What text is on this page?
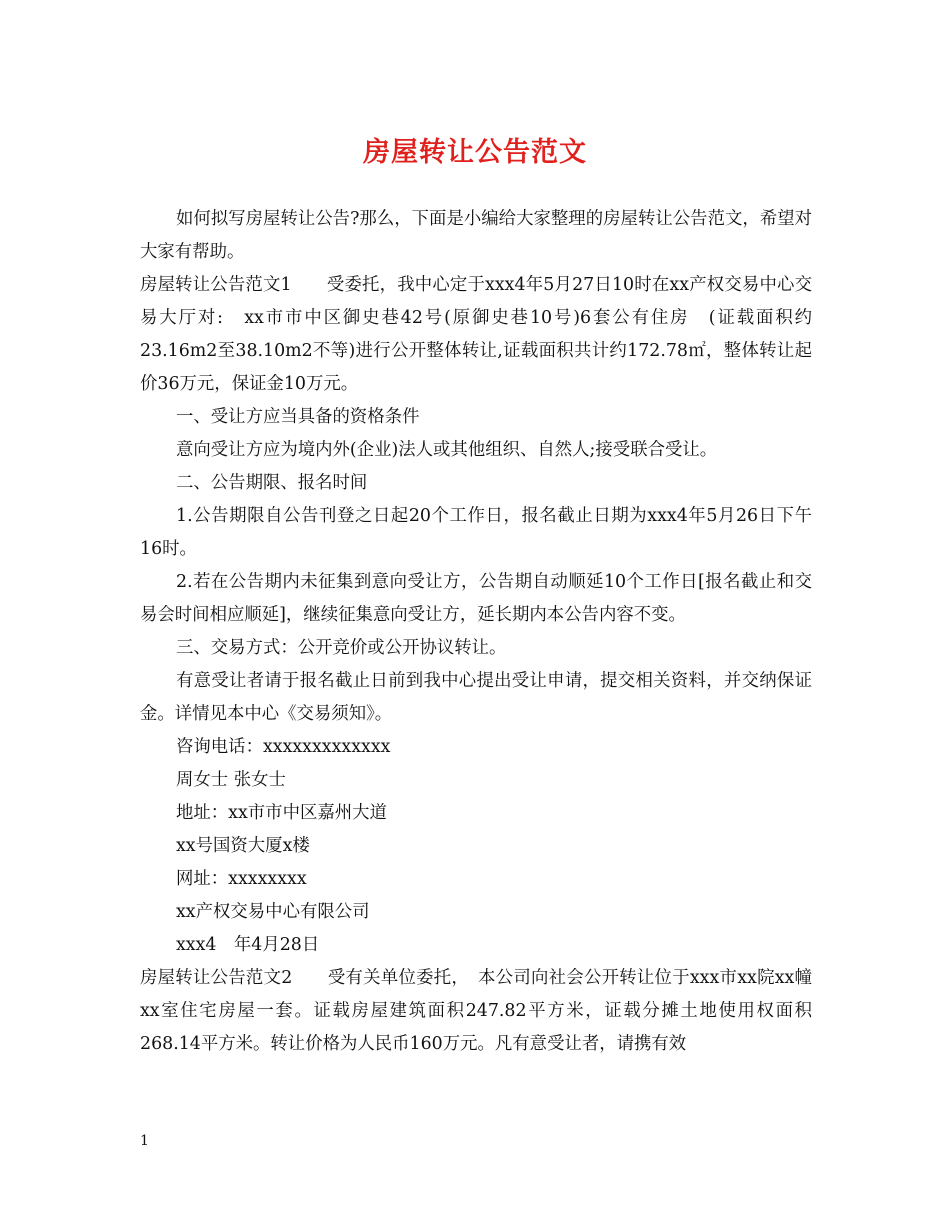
房屋转让公告范文

如何拟写房屋转让公告?那么，下面是小编给大家整理的房屋转让公告范文，希望对大家有帮助。

房屋转让公告范文1　　受委托，我中心定于xxx4年5月27日10时在xx产权交易中心交易大厅对:　xx市市中区御史巷42号(原御史巷10号)6套公有住房　(证载面积约23.16m2至38.10m2不等)进行公开整体转让,证载面积共计约172.78㎡，整体转让起价36万元，保证金10万元。

一、受让方应当具备的资格条件

意向受让方应为境内外(企业)法人或其他组织、自然人;接受联合受让。

二、公告期限、报名时间

1.公告期限自公告刊登之日起20个工作日，报名截止日期为xxx4年5月26日下午16时。

2.若在公告期内未征集到意向受让方，公告期自动顺延10个工作日[报名截止和交易会时间相应顺延]，继续征集意向受让方，延长期内本公告内容不变。

三、交易方式：公开竞价或公开协议转让。

有意受让者请于报名截止日前到我中心提出受让申请，提交相关资料，并交纳保证金。详情见本中心《交易须知》。

咨询电话：xxxxxxxxxxxxx

周女士 张女士

地址：xx市市中区嘉州大道

xx号国资大厦x楼

网址：xxxxxxxx

xx产权交易中心有限公司

xxx4　年4月28日

房屋转让公告范文2　　受有关单位委托，　本公司向社会公开转让位于xxx市xx院xx幢xx室住宅房屋一套。证载房屋建筑面积247.82平方米，证载分摊土地使用权面积268.14平方米。转让价格为人民币160万元。凡有意受让者，请携有效

1
